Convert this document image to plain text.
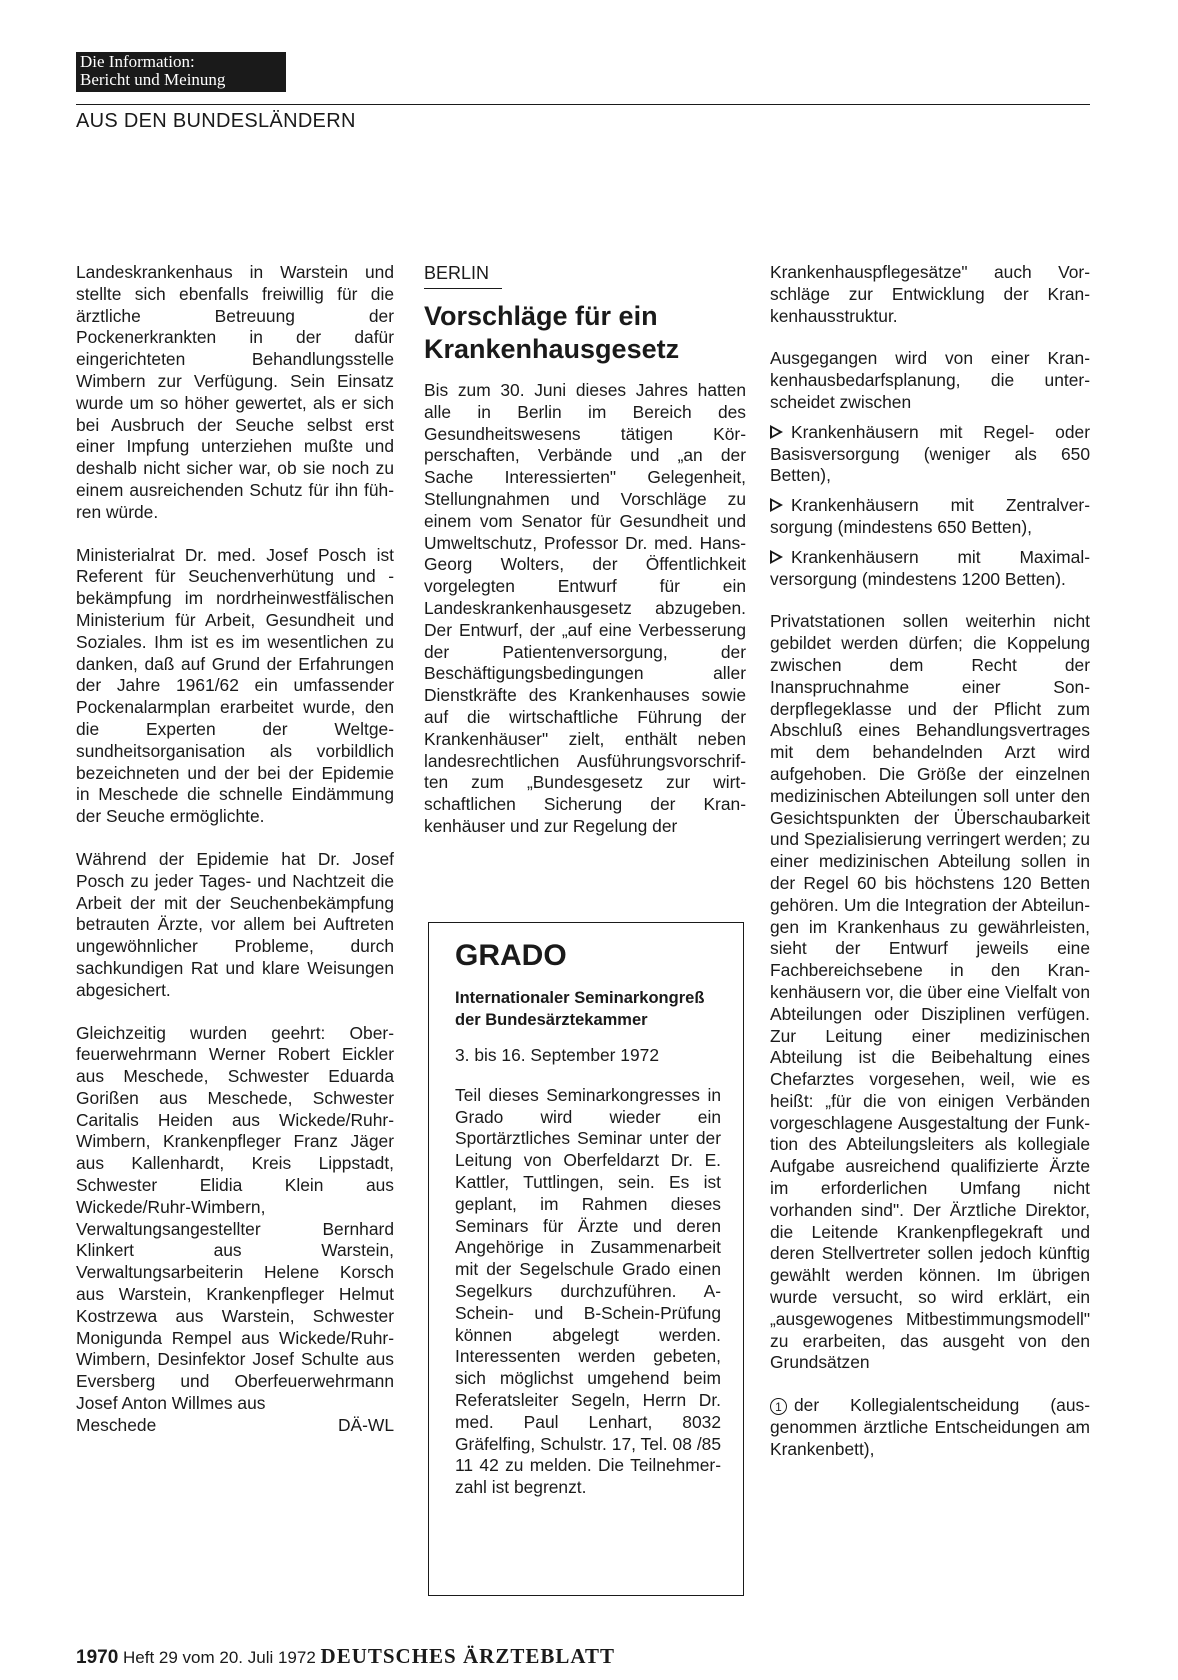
Die Information:
Bericht und Meinung
AUS DEN BUNDESLÄNDERN

Landeskrankenhaus in Warstein und stellte sich ebenfalls freiwillig für die ärztliche Betreuung der Pockenerkrankten in der dafür eingerichteten Behandlungsstelle Wimbern zur Verfügung. Sein Einsatz wurde um so höher gewertet, als er sich bei Ausbruch der Seuche selbst erst einer Impfung unterziehen mußte und deshalb nicht sicher war, ob sie noch zu einem ausreichenden Schutz für ihn führen würde.

Ministerialrat Dr. med. Josef Posch ist Referent für Seuchenverhütung und -bekämpfung im nordrheinwestfälischen Ministerium für Arbeit, Gesundheit und Soziales. Ihm ist es im wesentlichen zu danken, daß auf Grund der Erfahrungen der Jahre 1961/62 ein umfassender Pockenalarmplan erarbeitet wurde, den die Experten der Weltgesundheitsorganisation als vorbildlich bezeichneten und der bei der Epidemie in Meschede die schnelle Eindämmung der Seuche ermöglichte.

Während der Epidemie hat Dr. Josef Posch zu jeder Tages- und Nachtzeit die Arbeit der mit der Seuchenbekämpfung betrauten Ärzte, vor allem bei Auftreten ungewöhnlicher Probleme, durch sachkundigen Rat und klare Weisungen abgesichert.

Gleichzeitig wurden geehrt: Oberfeuerwehrmann Werner Robert Eickler aus Meschede, Schwester Eduarda Gorißen aus Meschede, Schwester Caritalis Heiden aus Wickede/Ruhr-Wimbern, Krankenpfleger Franz Jäger aus Kallenhardt, Kreis Lippstadt, Schwester Elidia Klein aus Wickede/Ruhr-Wimbern, Verwaltungsangestellter Bernhard Klinkert aus Warstein, Verwaltungsarbeiterin Helene Korsch aus Warstein, Krankenpfleger Helmut Kostrzewa aus Warstein, Schwester Monigunda Rempel aus Wickede/Ruhr-Wimbern, Desinfektor Josef Schulte aus Eversberg und Oberfeuerwehrmann Josef Anton Willmes aus

Meschede	DÄ-WL
BERLIN
Vorschläge für ein Krankenhausgesetz

Bis zum 30. Juni dieses Jahres hatten alle in Berlin im Bereich des Gesundheitswesens tätigen Körperschaften, Verbände und „an der Sache Interessierten" Gelegenheit, Stellungnahmen und Vorschläge zu einem vom Senator für Gesundheit und Umweltschutz, Professor Dr. med. Hans-Georg Wolters, der Öffentlichkeit vorgelegten Entwurf für ein Landeskrankenhausgesetz abzugeben. Der Entwurf, der „auf eine Verbesserung der Patientenversorgung, der Beschäftigungsbedingungen aller Dienstkräfte des Krankenhauses sowie auf die wirtschaftliche Führung der Krankenhäuser" zielt, enthält neben landesrechtlichen Ausführungsvorschriften zum „Bundesgesetz zur wirtschaftlichen Sicherung der Krankenhäuser und zur Regelung der

GRADO
Internationaler Seminarkongreß der Bundesärztekammer
3. bis 16. September 1972

Teil dieses Seminarkongresses in Grado wird wieder ein Sportärztliches Seminar unter der Leitung von Oberfeldarzt Dr. E. Kattler, Tuttlingen, sein. Es ist geplant, im Rahmen dieses Seminars für Ärzte und deren Angehörige in Zusammenarbeit mit der Segelschule Grado einen Segelkurs durchzuführen. A-Schein- und B-Schein-Prüfung können abgelegt werden. Interessenten werden gebeten, sich möglichst umgehend beim Referatsleiter Segeln, Herrn Dr. med. Paul Lenhart, 8032 Gräfelfing, Schulstr. 17, Tel. 08 /85 11 42 zu melden. Die Teilnehmerzahl ist begrenzt.

Krankenhauspflegesätze" auch Vorschläge zur Entwicklung der Krankenhausstruktur.

Ausgegangen wird von einer Krankenhausbedarfsplanung, die unterscheidet zwischen

Krankenhäusern mit Regel- oder Basisversorgung (weniger als 650 Betten),

Krankenhäusern mit Zentralversorgung (mindestens 650 Betten),

Krankenhäusern mit Maximalversorgung (mindestens 1200 Betten).

Privatstationen sollen weiterhin nicht gebildet werden dürfen; die Koppelung zwischen dem Recht der Inanspruchnahme einer Sonderpflegeklasse und der Pflicht zum Abschluß eines Behandlungsvertrages mit dem behandelnden Arzt wird aufgehoben. Die Größe der einzelnen medizinischen Abteilungen soll unter den Gesichtspunkten der Überschaubarkeit und Spezialisierung verringert werden; zu einer medizinischen Abteilung sollen in der Regel 60 bis höchstens 120 Betten gehören. Um die Integration der Abteilungen im Krankenhaus zu gewährleisten, sieht der Entwurf jeweils eine Fachbereichsebene in den Krankenhäusern vor, die über eine Vielfalt von Abteilungen oder Disziplinen verfügen. Zur Leitung einer medizinischen Abteilung ist die Beibehaltung eines Chefarztes vorgesehen, weil, wie es heißt: „für die von einigen Verbänden vorgeschlagene Ausgestaltung der Funktion des Abteilungsleiters als kollegiale Aufgabe ausreichend qualifizierte Ärzte im erforderlichen Umfang nicht vorhanden sind". Der Ärztliche Direktor, die Leitende Krankenpflegekraft und deren Stellvertreter sollen jedoch künftig gewählt werden können. Im übrigen wurde versucht, so wird erklärt, ein „ausgewogenes Mitbestimmungsmodell" zu erarbeiten, das ausgeht von den Grundsätzen

1 der Kollegialentscheidung (ausgenommen ärztliche Entscheidungen am Krankenbett),

1970 Heft 29 vom 20. Juli 1972 DEUTSCHES ÄRZTEBLATT
